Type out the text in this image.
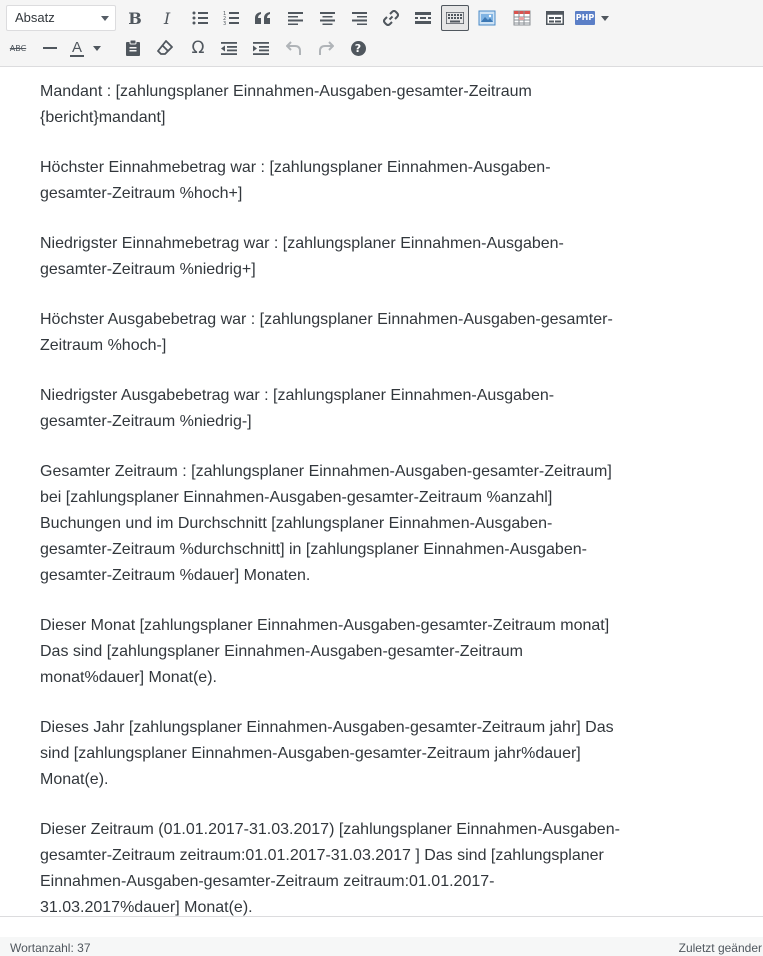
Absatz	B I	1
2
3
PHP
ABC	A	Ω	?

Mandant : [zahlungsplaner Einnahmen-Ausgaben-gesamter-Zeitraum {bericht}mandant]

Höchster Einnahmebetrag war : [zahlungsplaner Einnahmen-Ausgaben-gesamter-Zeitraum %hoch+]

Niedrigster Einnahmebetrag war : [zahlungsplaner Einnahmen-Ausgaben-gesamter-Zeitraum %niedrig+]

Höchster Ausgabebetrag war : [zahlungsplaner Einnahmen-Ausgaben-gesamter-Zeitraum %hoch-]

Niedrigster Ausgabebetrag war : [zahlungsplaner Einnahmen-Ausgaben-gesamter-Zeitraum %niedrig-]

Gesamter Zeitraum : [zahlungsplaner Einnahmen-Ausgaben-gesamter-Zeitraum] bei [zahlungsplaner Einnahmen-Ausgaben-gesamter-Zeitraum %anzahl] Buchungen und im Durchschnitt [zahlungsplaner Einnahmen-Ausgaben-gesamter-Zeitraum %durchschnitt] in [zahlungsplaner Einnahmen-Ausgaben-gesamter-Zeitraum %dauer] Monaten.

Dieser Monat [zahlungsplaner Einnahmen-Ausgaben-gesamter-Zeitraum monat] Das sind [zahlungsplaner Einnahmen-Ausgaben-gesamter-Zeitraum monat%dauer] Monat(e).

Dieses Jahr [zahlungsplaner Einnahmen-Ausgaben-gesamter-Zeitraum jahr] Das sind [zahlungsplaner Einnahmen-Ausgaben-gesamter-Zeitraum jahr%dauer] Monat(e).

Dieser Zeitraum (01.01.2017-31.03.2017) [zahlungsplaner Einnahmen-Ausgaben-gesamter-Zeitraum zeitraum:01.01.2017-31.03.2017 ] Das sind [zahlungsplaner Einnahmen-Ausgaben-gesamter-Zeitraum zeitraum:01.01.2017-31.03.2017%dauer] Monat(e).

Wortanzahl: 37	Zuletzt geänder
